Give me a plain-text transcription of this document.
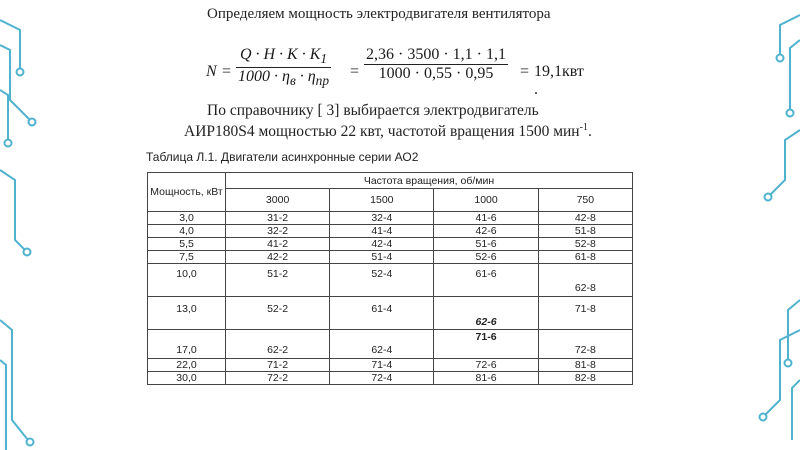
Определяем мощность электродвигателя вентилятора
N =
$Q \cdot H \cdot K \cdot K_1$
$1000 \cdot \eta_в \cdot \eta_{пр}$
= $\frac{2,36 \cdot 3500 \cdot 1,1 \cdot 1,1}{1000 \cdot 0,55 \cdot 0,95} = 19,1квт$ .
По справочнику [ 3] выбирается электродвигатель
АИР180S4 мощностью 22 квт, частотой вращения 1500 мин$^{-1}$.
Таблица Л.1. Двигатели асинхронные серии АО2
Мощность, кВт	Частота вращения, об/мин			
	3000	1500	1000	750
3,0	31-2	32-4	41-6	42-8
4,0	32-2	41-4	42-6	51-8
5,5	41-2	42-4	51-6	52-8
7,5	42-2	51-4	52-6	61-8
10,0	51-2	52-4	61-6	62-8
13,0	52-2	61-4	62-6	71-8
17,0	62-2	62-4	71-6	72-8
22,0	71-2	71-4	72-6	81-8
30,0	72-2	72-4	81-6	82-8
